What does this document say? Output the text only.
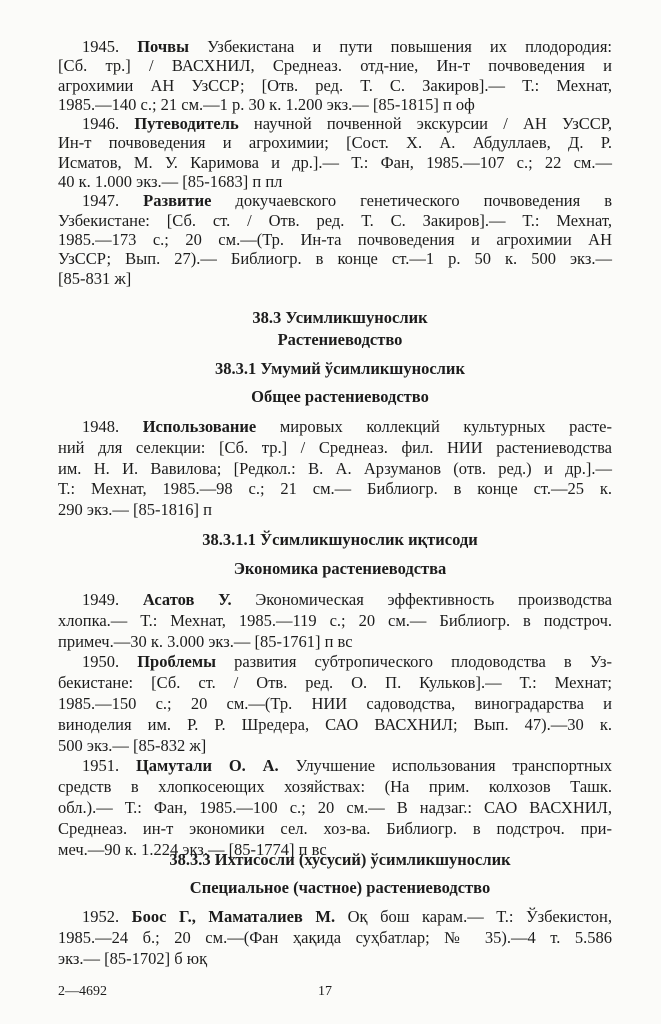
1945. Почвы Узбекистана и пути повышения их плодородия:
[Сб. тр.] / ВАСХНИЛ, Среднеаз. отд-ние, Ин-т почвоведения и
агрохимии АН УзССР; [Отв. ред. Т. С. Закиров].— Т.: Мехнат,
1985.—140 с.; 21 см.—1 р. 30 к. 1.200 экз.— [85-1815] п оф
1946. Путеводитель научной почвенной экскурсии / АН УзССР,
Ин-т почвоведения и агрохимии; [Сост. Х. А. Абдуллаев, Д. Р.
Исматов, М. У. Каримова и др.].— Т.: Фан, 1985.—107 с.; 22 см.—
40 к. 1.000 экз.— [85-1683] п пл
1947. Развитие докучаевского генетического почвоведения в
Узбекистане: [Сб. ст. / Отв. ред. Т. С. Закиров].— Т.: Мехнат,
1985.—173 с.; 20 см.—(Тр. Ин-та почвоведения и агрохимии АН
УзССР; Вып. 27).— Библиогр. в конце ст.—1 р. 50 к. 500 экз.—
[85-831 ж]
38.3 Усимликшунослик
Растениеводство
38.3.1 Умумий ўсимликшунослик
Общее растениеводство
1948. Использование мировых коллекций культурных расте-
ний для селекции: [Сб. тр.] / Среднеаз. фил. НИИ растениеводства
им. Н. И. Вавилова; [Редкол.: В. А. Арзуманов (отв. ред.) и др.].—
Т.: Мехнат, 1985.—98 с.; 21 см.— Библиогр. в конце ст.—25 к.
290 экз.— [85-1816] п
38.3.1.1 Ўсимликшунослик иқтисоди
Экономика растениеводства
1949. Асатов У. Экономическая эффективность производства
хлопка.— Т.: Мехнат, 1985.—119 с.; 20 см.— Библиогр. в подстроч.
примеч.—30 к. 3.000 экз.— [85-1761] п вс
1950. Проблемы развития субтропического плодоводства в Уз-
бекистане: [Сб. ст. / Отв. ред. О. П. Кульков].— Т.: Мехнат;
1985.—150 с.; 20 см.—(Тр. НИИ садоводства, виноградарства и
виноделия им. Р. Р. Шредера, САО ВАСХНИЛ; Вып. 47).—30 к.
500 экз.— [85-832 ж]
1951. Цамутали О. А. Улучшение использования транспортных
средств в хлопкосеющих хозяйствах: (На прим. колхозов Ташк.
обл.).— Т.: Фан, 1985.—100 с.; 20 см.— В надзаг.: САО ВАСХНИЛ,
Среднеаз. ин-т экономики сел. хоз-ва. Библиогр. в подстроч. при-
меч.—90 к. 1.224 экз.— [85-1774] п вс
38.3.3 Ихтисосли (хусусий) ўсимликшунослик
Специальное (частное) растениеводство
1952. Боос Г., Маматалиев М. Оқ бош карам.— Т.: Ўзбекистон,
1985.—24 б.; 20 см.—(Фан ҳақида суҳбатлар; № 35).—4 т. 5.586
экз.— [85-1702] б юқ
2—4692	17
